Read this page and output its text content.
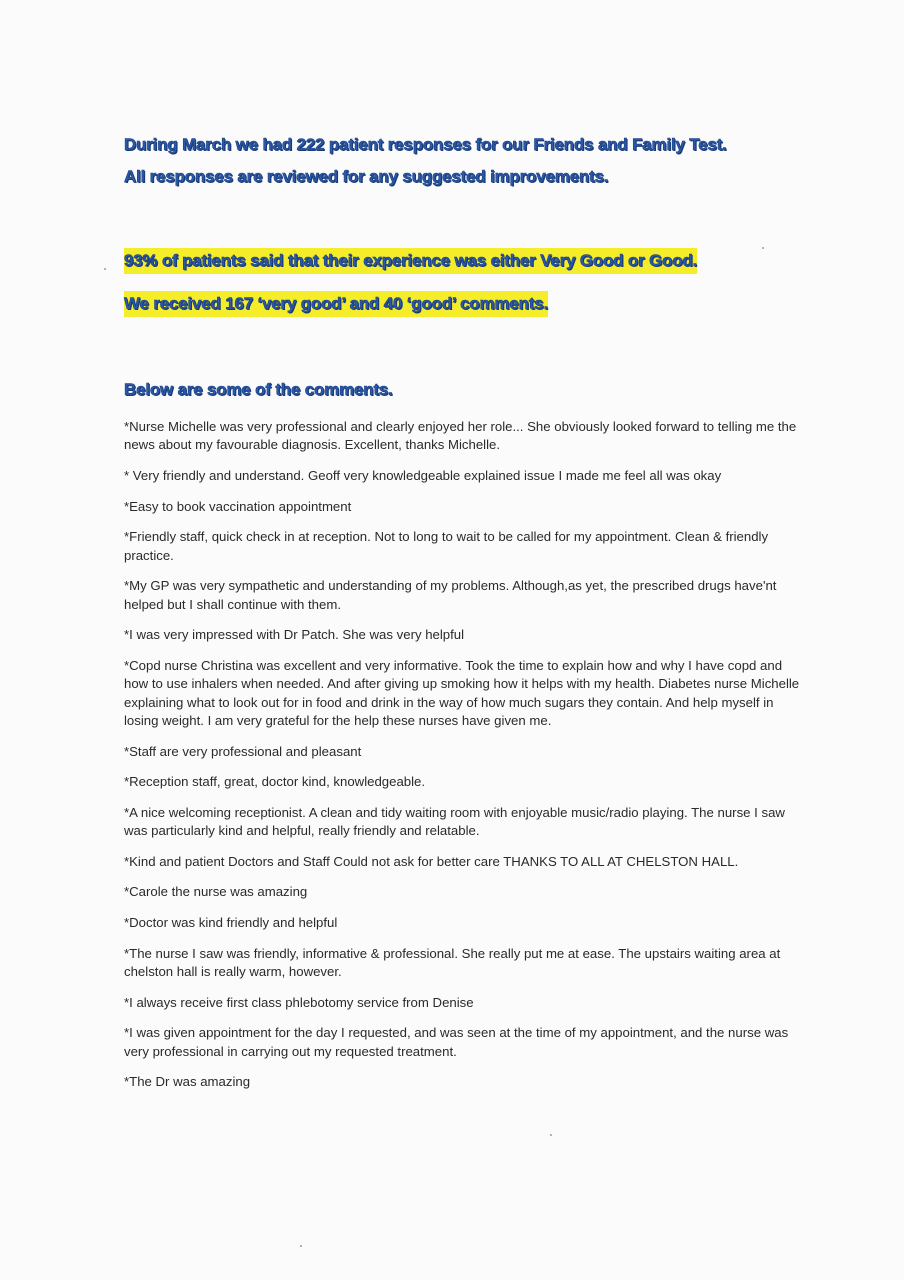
During March we had 222 patient responses for our Friends and Family Test.
All responses are reviewed for any suggested improvements.

93% of patients said that their experience was either Very Good or Good.
We received 167 ‘very good’ and 40 ‘good’ comments.

Below are some of the comments.

*Nurse Michelle was very professional and clearly enjoyed her role... She obviously looked forward to telling me the news about my favourable diagnosis. Excellent, thanks Michelle.
* Very friendly and understand. Geoff very knowledgeable explained issue I made me feel all was okay
*Easy to book vaccination appointment
*Friendly staff, quick check in at reception. Not to long to wait to be called for my appointment. Clean & friendly practice.
*My GP was very sympathetic and understanding of my problems. Although,as yet, the prescribed drugs have'nt helped but I shall continue with them.
*I was very impressed with Dr Patch. She was very helpful
*Copd nurse Christina was excellent and very informative. Took the time to explain how and why I have copd and how to use inhalers when needed. And after giving up smoking how it helps with my health. Diabetes nurse Michelle explaining what to look out for in food and drink in the way of how much sugars they contain. And help myself in losing weight. I am very grateful for the help these nurses have given me.
*Staff are very professional and pleasant
*Reception staff, great, doctor kind, knowledgeable.
*A nice welcoming receptionist. A clean and tidy waiting room with enjoyable music/radio playing. The nurse I saw was particularly kind and helpful, really friendly and relatable.
*Kind and patient Doctors and Staff Could not ask for better care THANKS TO ALL AT CHELSTON HALL.
*Carole the nurse was amazing
*Doctor was kind friendly and helpful
*The nurse I saw was friendly, informative & professional. She really put me at ease. The upstairs waiting area at chelston hall is really warm, however.
*I always receive first class phlebotomy service from Denise
*I was given appointment for the day I requested, and was seen at the time of my appointment, and the nurse was very professional in carrying out my requested treatment.
*The Dr was amazing
